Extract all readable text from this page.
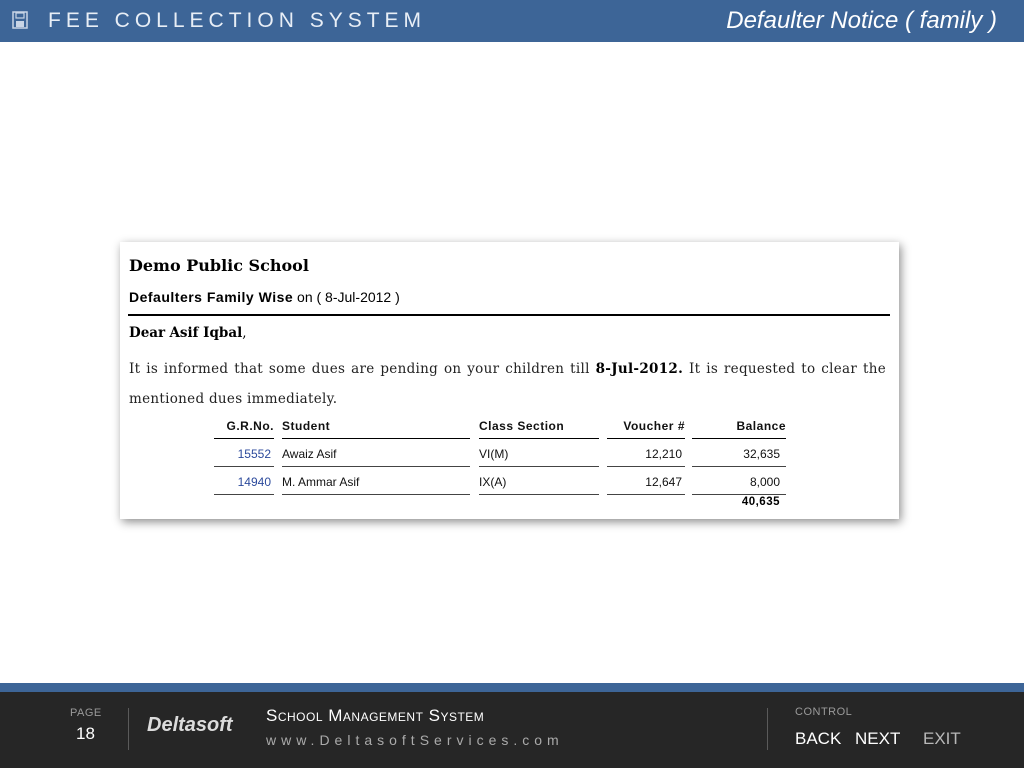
FEE COLLECTION SYSTEM	Defaulter Notice ( family )
Demo Public School
Defaulters Family Wise on ( 8-Jul-2012 )
Dear Asif Iqbal,
It is informed that some dues are pending on your children till 8-Jul-2012. It is requested to clear the mentioned dues immediately.
G.R.No. Student	Class Section	Voucher #	Balance
15552 Awaiz Asif	VI(M)	12,210	32,635
14940 M. Ammar Asif	IX(A)	12,647	8,000
40,635
PAGE
18	Deltasoft School Management System
www.DeltasoftServices.com
CONTROL
BACK NEXT EXIT
